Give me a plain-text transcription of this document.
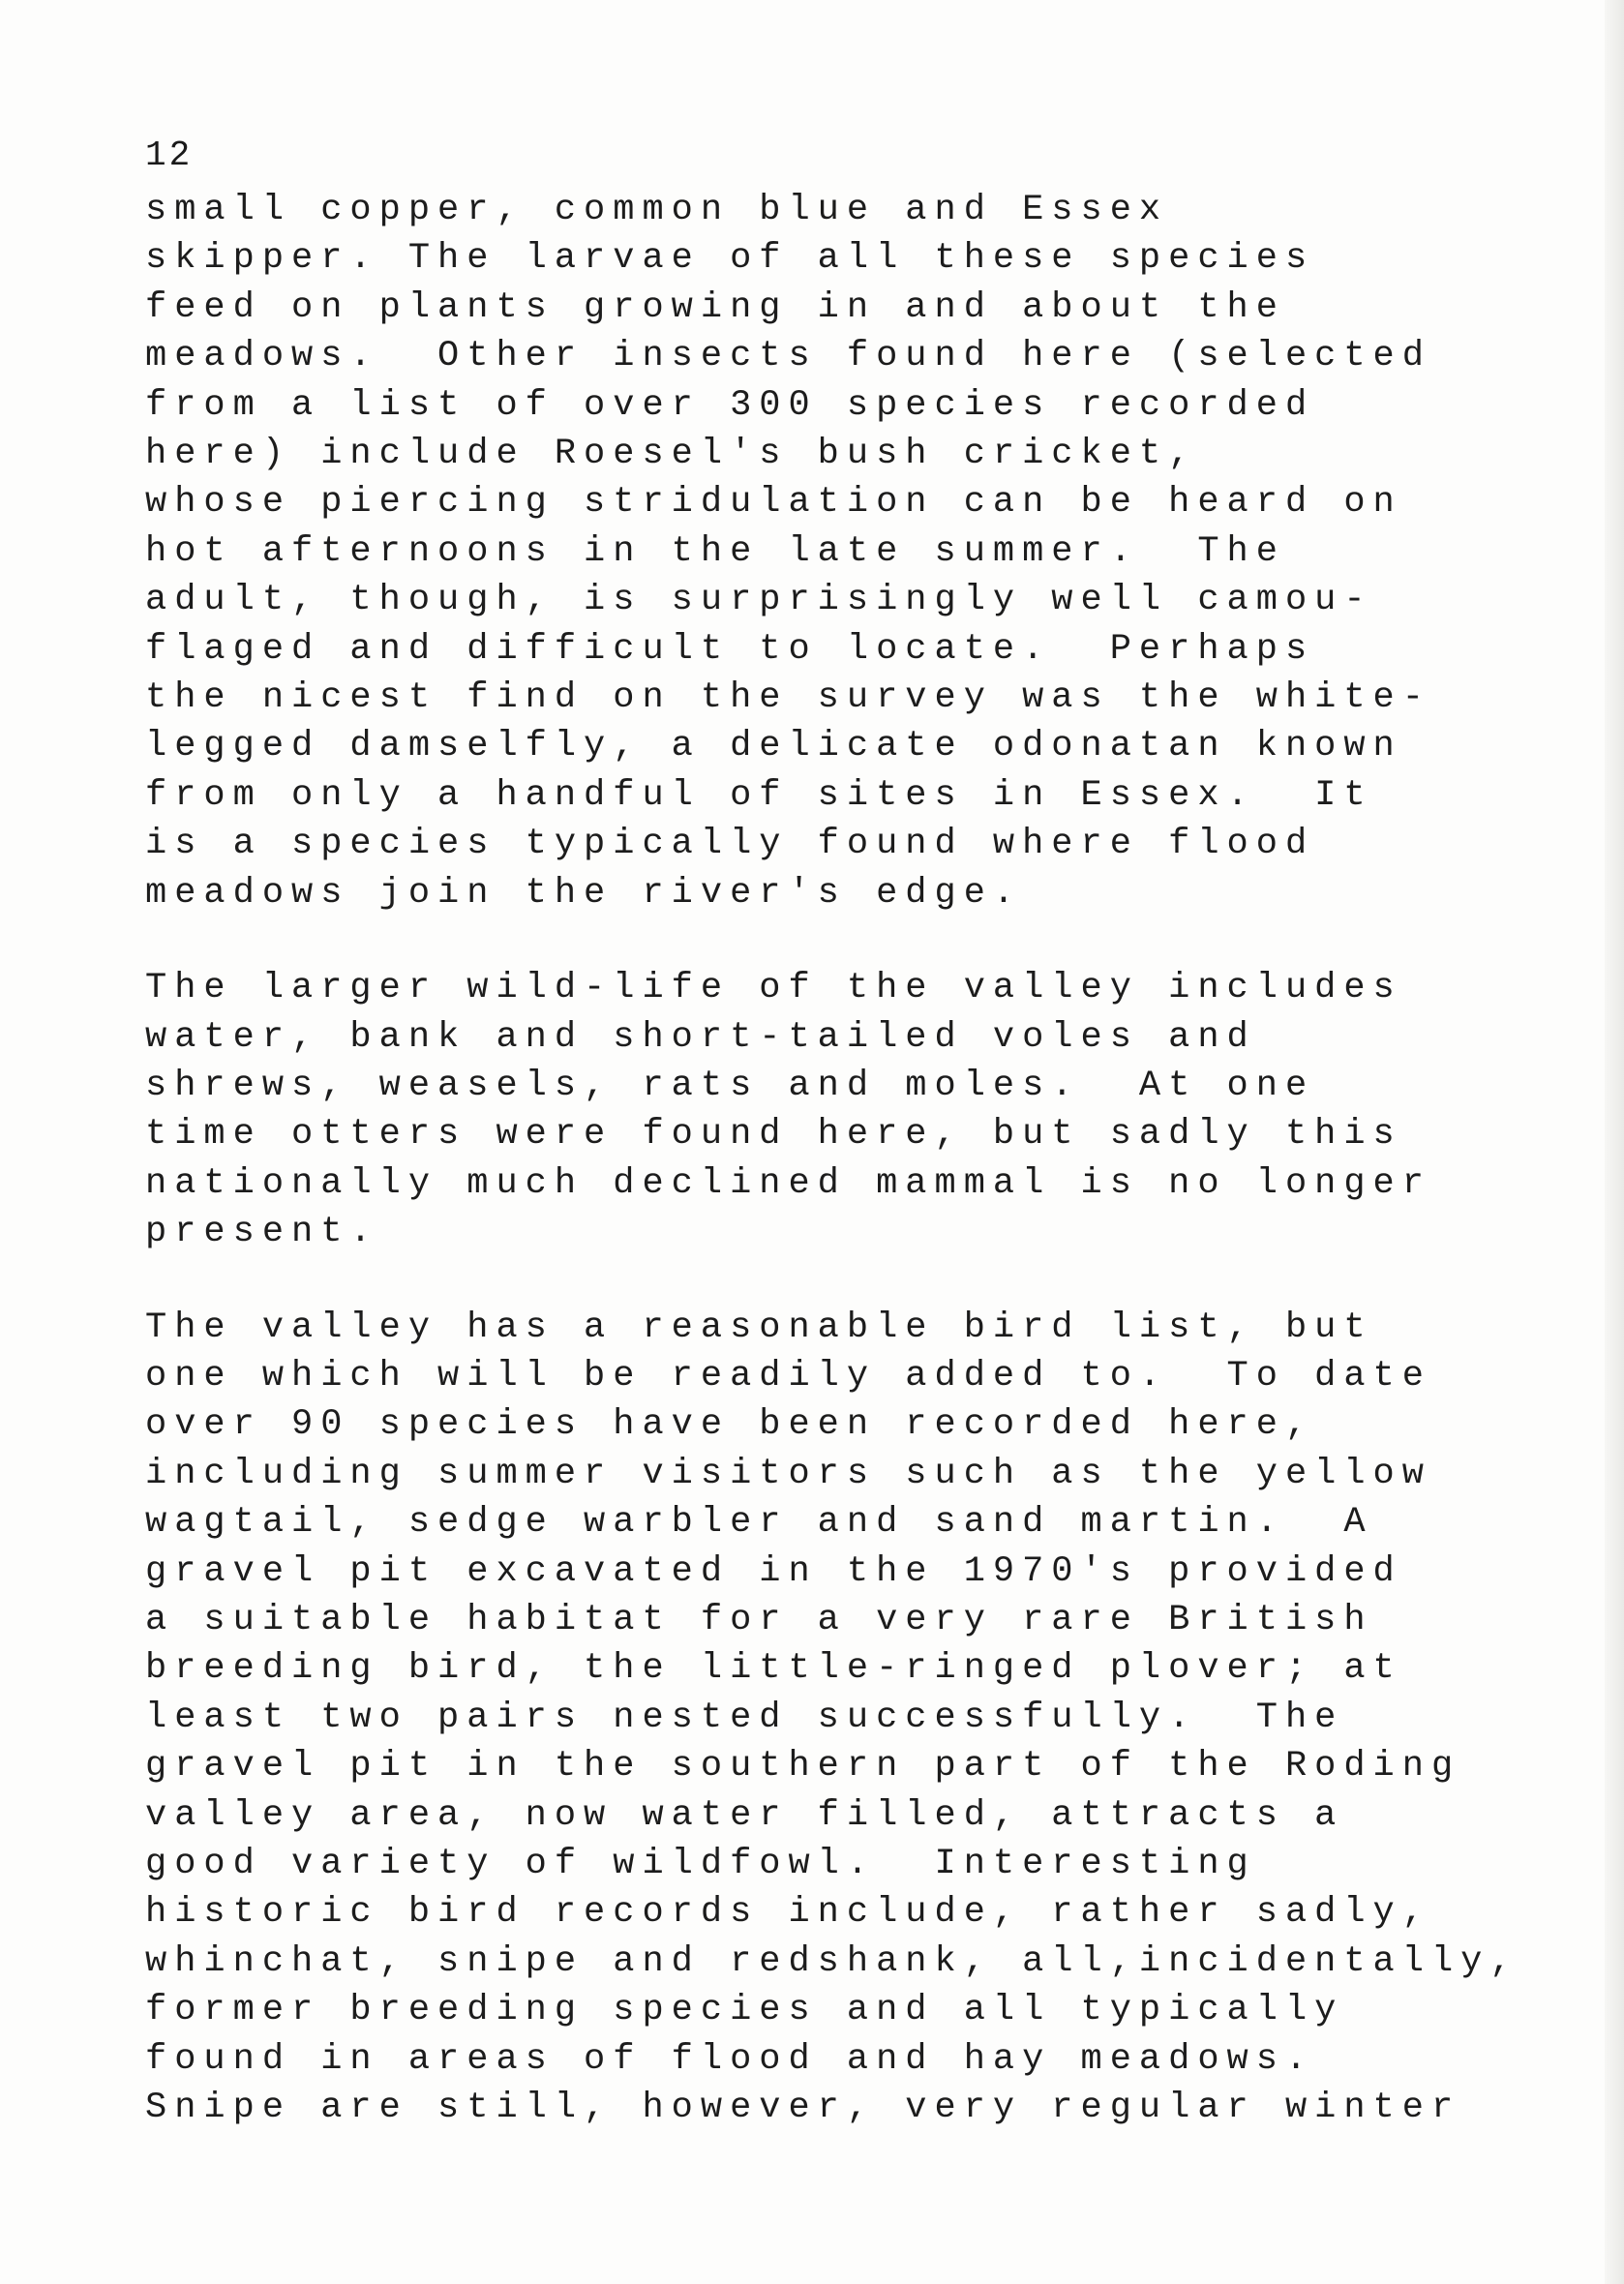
12

small copper, common blue and Essex
skipper. The larvae of all these species
feed on plants growing in and about the
meadows.  Other insects found here (selected
from a list of over 300 species recorded
here) include Roesel's bush cricket,
whose piercing stridulation can be heard on
hot afternoons in the late summer.  The
adult, though, is surprisingly well camou-
flaged and difficult to locate.  Perhaps
the nicest find on the survey was the white-
legged damselfly, a delicate odonatan known
from only a handful of sites in Essex.  It
is a species typically found where flood
meadows join the river's edge.
The larger wild-life of the valley includes
water, bank and short-tailed voles and
shrews, weasels, rats and moles.  At one
time otters were found here, but sadly this
nationally much declined mammal is no longer
present.
The valley has a reasonable bird list, but
one which will be readily added to.  To date
over 90 species have been recorded here,
including summer visitors such as the yellow
wagtail, sedge warbler and sand martin.  A
gravel pit excavated in the 1970's provided
a suitable habitat for a very rare British
breeding bird, the little-ringed plover; at
least two pairs nested successfully.  The
gravel pit in the southern part of the Roding
valley area, now water filled, attracts a
good variety of wildfowl.  Interesting
historic bird records include, rather sadly,
whinchat, snipe and redshank, all,incidentally,
former breeding species and all typically
found in areas of flood and hay meadows.
Snipe are still, however, very regular winter
